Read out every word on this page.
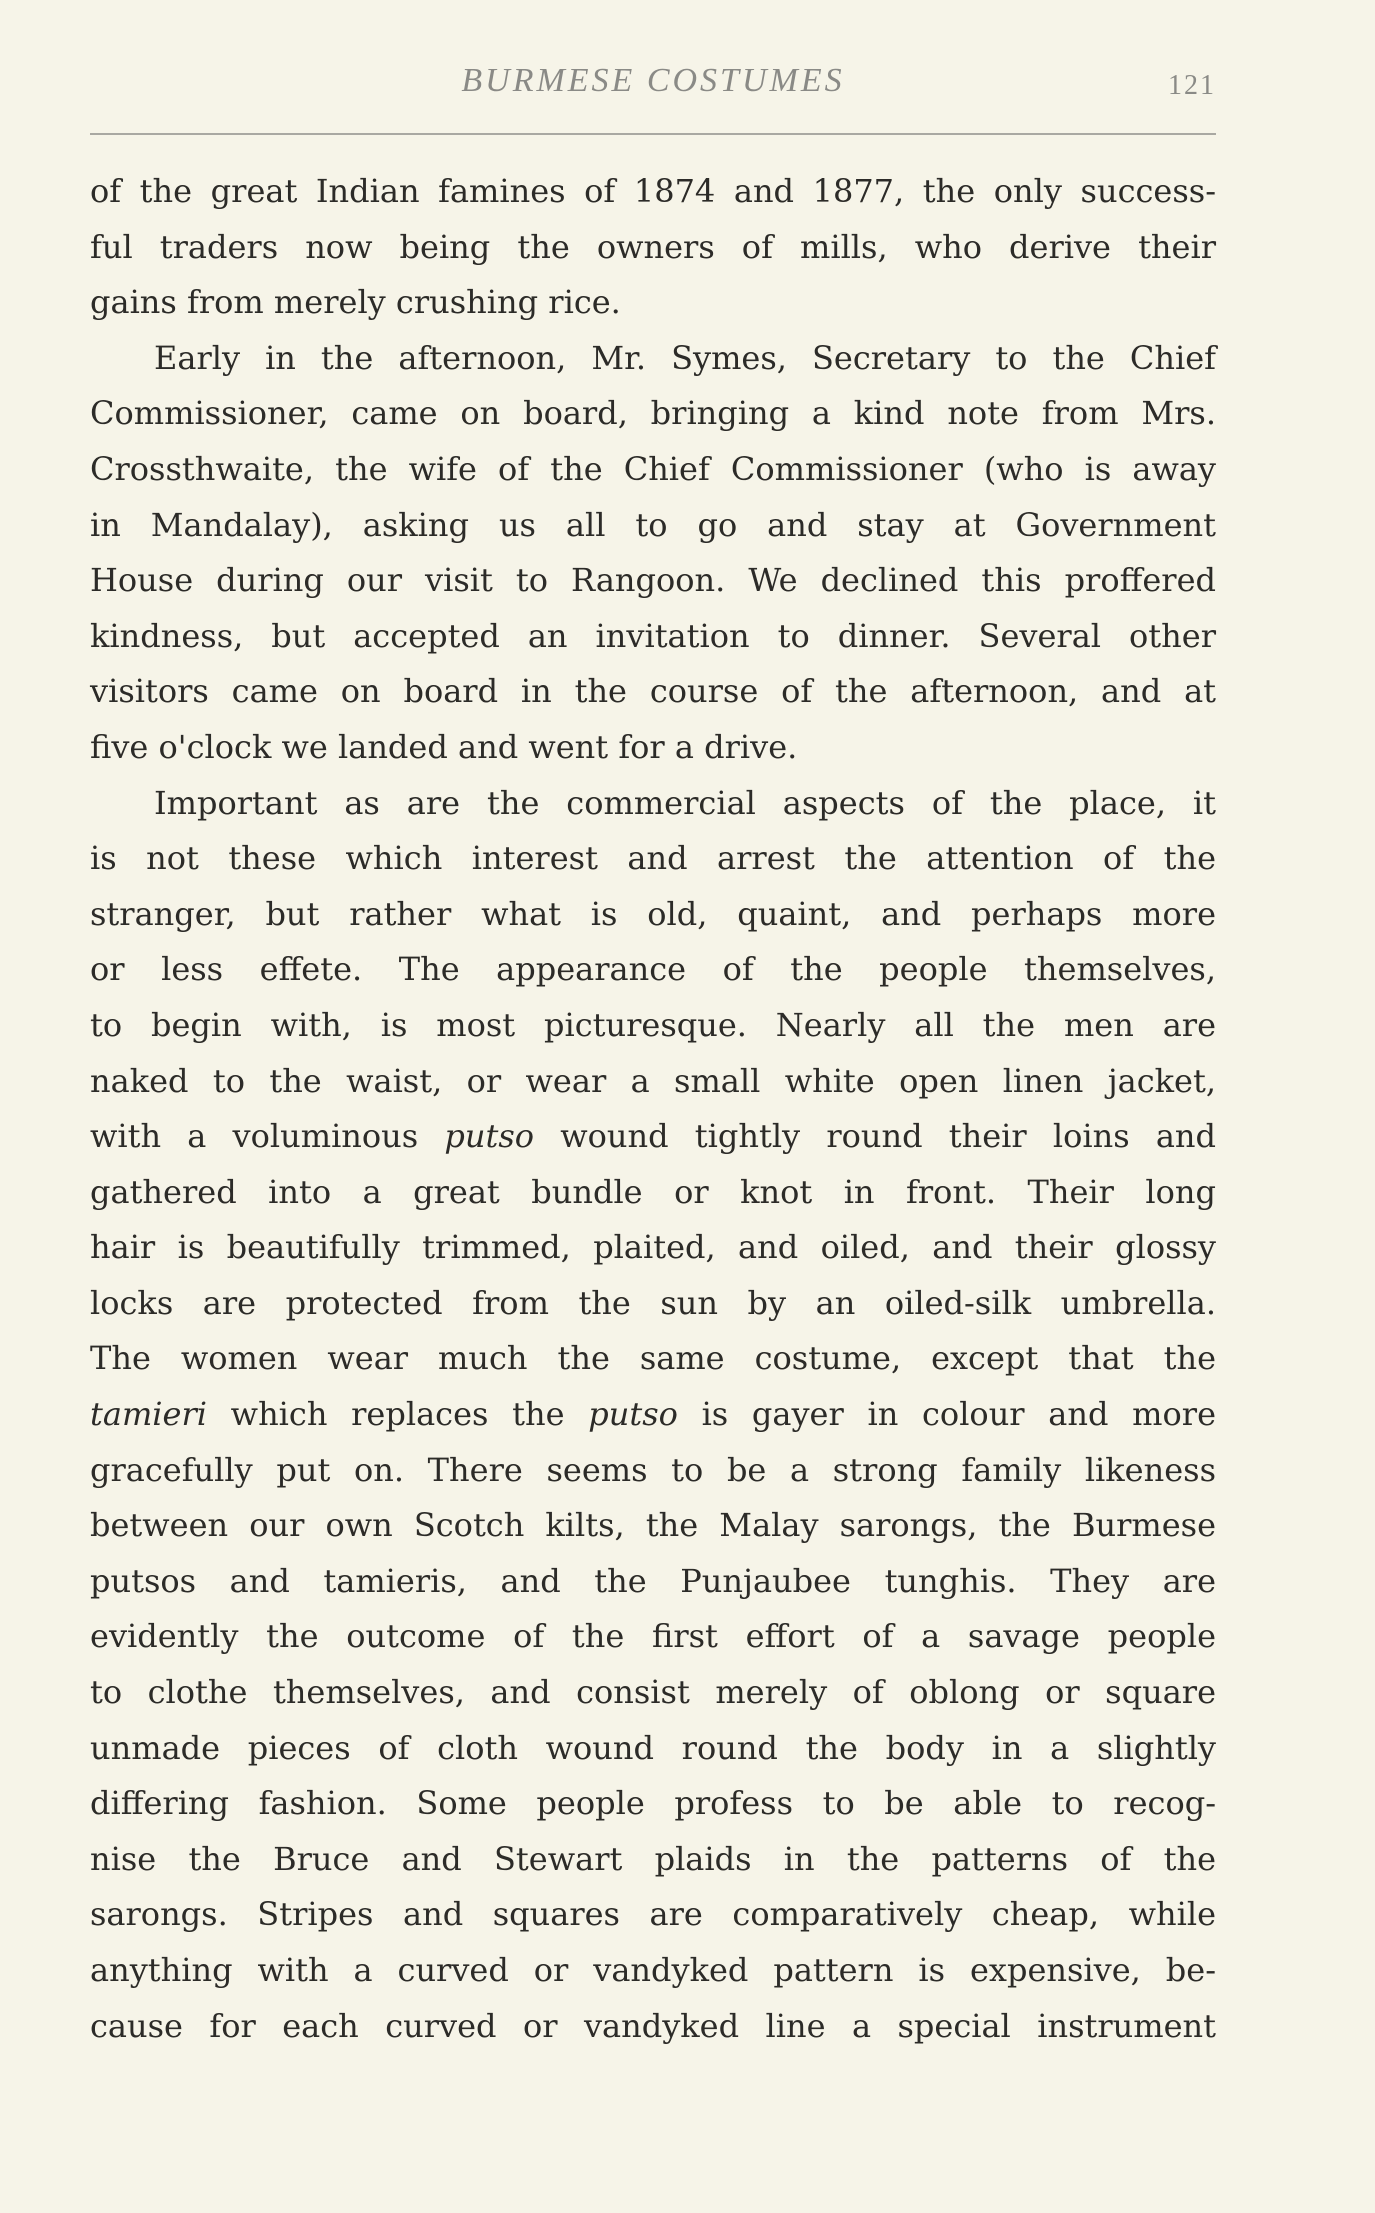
BURMESE COSTUMES	121
of the great Indian famines of 1874 and 1877, the only success-
ful traders now being the owners of mills, who derive their
gains from merely crushing rice.
Early in the afternoon, Mr. Symes, Secretary to the Chief
Commissioner, came on board, bringing a kind note from Mrs.
Crossthwaite, the wife of the Chief Commissioner (who is away
in Mandalay), asking us all to go and stay at Government
House during our visit to Rangoon. We declined this proffered
kindness, but accepted an invitation to dinner. Several other
visitors came on board in the course of the afternoon, and at
five o'clock we landed and went for a drive.
Important as are the commercial aspects of the place, it
is not these which interest and arrest the attention of the
stranger, but rather what is old, quaint, and perhaps more
or less effete. The appearance of the people themselves,
to begin with, is most picturesque. Nearly all the men are
naked to the waist, or wear a small white open linen jacket,
with a voluminous putso wound tightly round their loins and
gathered into a great bundle or knot in front. Their long
hair is beautifully trimmed, plaited, and oiled, and their glossy
locks are protected from the sun by an oiled-silk umbrella.
The women wear much the same costume, except that the
tamieri which replaces the putso is gayer in colour and more
gracefully put on. There seems to be a strong family likeness
between our own Scotch kilts, the Malay sarongs, the Burmese
putsos and tamieris, and the Punjaubee tunghis. They are
evidently the outcome of the first effort of a savage people
to clothe themselves, and consist merely of oblong or square
unmade pieces of cloth wound round the body in a slightly
differing fashion. Some people profess to be able to recog-
nise the Bruce and Stewart plaids in the patterns of the
sarongs. Stripes and squares are comparatively cheap, while
anything with a curved or vandyked pattern is expensive, be-
cause for each curved or vandyked line a special instrument
